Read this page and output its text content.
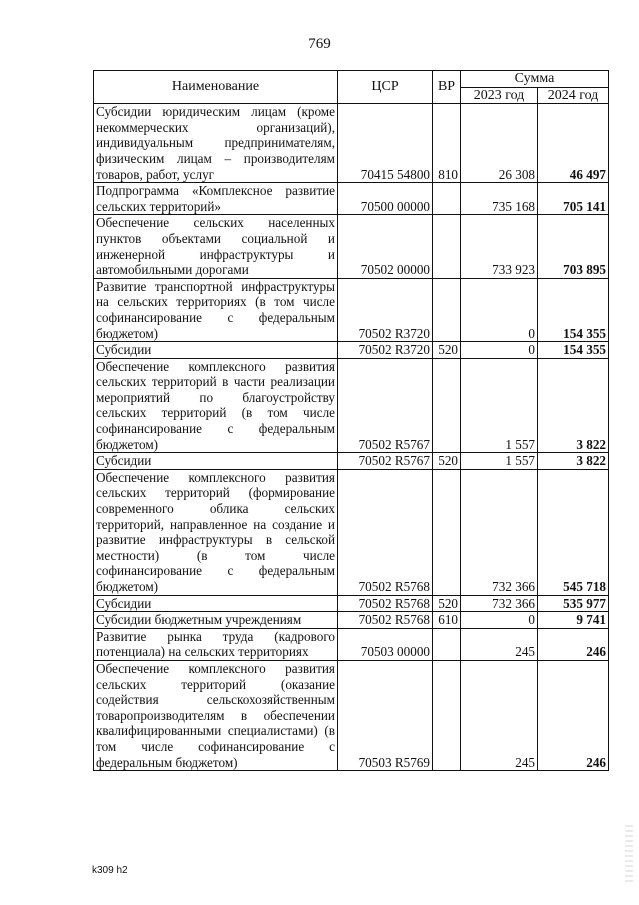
769
Наименование	ЦСР	ВР	Сумма	
			2023 год	2024 год
Субсидии юридическим лицам (кроме некоммерческих организаций), индивидуальным предпринимателям, физическим лицам – производителям товаров, работ, услуг	70415 54800	810	26 308	46 497
Подпрограмма «Комплексное развитие сельских территорий»	70500 00000		735 168	705 141
Обеспечение сельских населенных пунктов объектами социальной и инженерной инфраструктуры и автомобильными дорогами	70502 00000		733 923	703 895
Развитие транспортной инфраструктуры на сельских территориях (в том числе софинансирование с федеральным бюджетом)	70502 R3720		0	154 355
Субсидии	70502 R3720	520	0	154 355
Обеспечение комплексного развития сельских территорий в части реализации мероприятий по благоустройству сельских территорий (в том числе софинансирование с федеральным бюджетом)	70502 R5767		1 557	3 822
Субсидии	70502 R5767	520	1 557	3 822
Обеспечение комплексного развития сельских территорий (формирование современного облика сельских территорий, направленное на создание и развитие инфраструктуры в сельской местности) (в том числе софинансирование с федеральным бюджетом)	70502 R5768		732 366	545 718
Субсидии	70502 R5768	520	732 366	535 977
Субсидии бюджетным учреждениям	70502 R5768	610	0	9 741
Развитие рынка труда (кадрового потенциала) на сельских территориях	70503 00000		245	246
Обеспечение комплексного развития сельских территорий (оказание содействия сельскохозяйственным товаропроизводителям в обеспечении квалифицированными специалистами) (в том числе софинансирование с федеральным бюджетом)	70503 R5769		245	246
k309 h2
